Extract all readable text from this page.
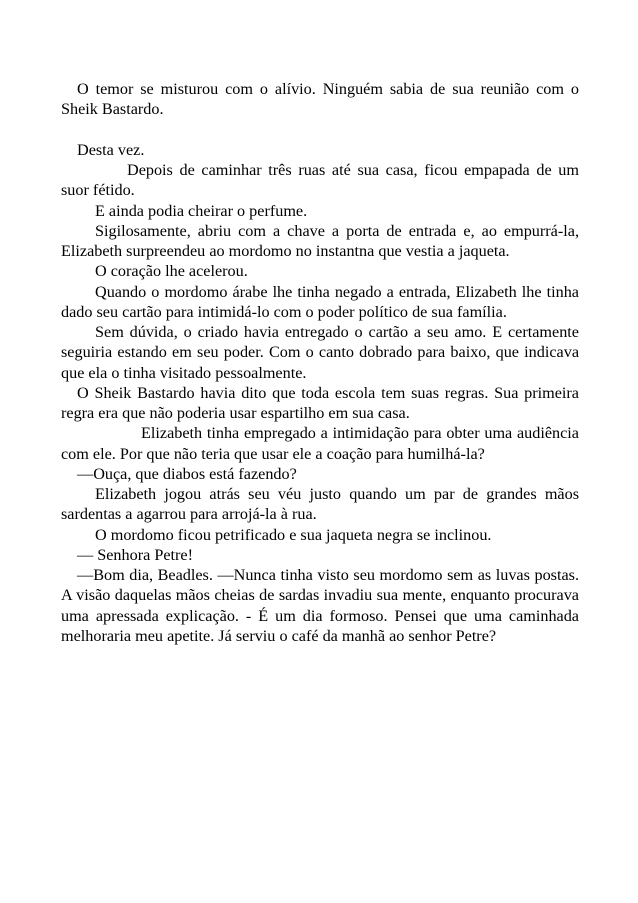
O temor se misturou com o alívio. Ninguém sabia de sua reunião com o Sheik Bastardo.

Desta vez.

Depois de caminhar três ruas até sua casa, ficou empapada de um suor fétido.

E ainda podia cheirar o perfume.

Sigilosamente, abriu com a chave a porta de entrada e, ao empurrá-la, Elizabeth surpreendeu ao mordomo no instantna que vestia a jaqueta.

O coração lhe acelerou.

Quando o mordomo árabe lhe tinha negado a entrada, Elizabeth lhe tinha dado seu cartão para intimidá-lo com o poder político de sua família.

Sem dúvida, o criado havia entregado o cartão a seu amo. E certamente seguiria estando em seu poder. Com o canto dobrado para baixo, que indicava que ela o tinha visitado pessoalmente.

O Sheik Bastardo havia dito que toda escola tem suas regras. Sua primeira regra era que não poderia usar espartilho em sua casa.

Elizabeth tinha empregado a intimidação para obter uma audiência com ele. Por que não teria que usar ele a coação para humilhá-la?

—Ouça, que diabos está fazendo?

Elizabeth jogou atrás seu véu justo quando um par de grandes mãos sardentas a agarrou para arrojá-la à rua.

O mordomo ficou petrificado e sua jaqueta negra se inclinou.

— Senhora Petre!

—Bom dia, Beadles. —Nunca tinha visto seu mordomo sem as luvas postas. A visão daquelas mãos cheias de sardas invadiu sua mente, enquanto procurava uma apressada explicação. - É um dia formoso. Pensei que uma caminhada melhoraria meu apetite. Já serviu o café da manhã ao senhor Petre?
